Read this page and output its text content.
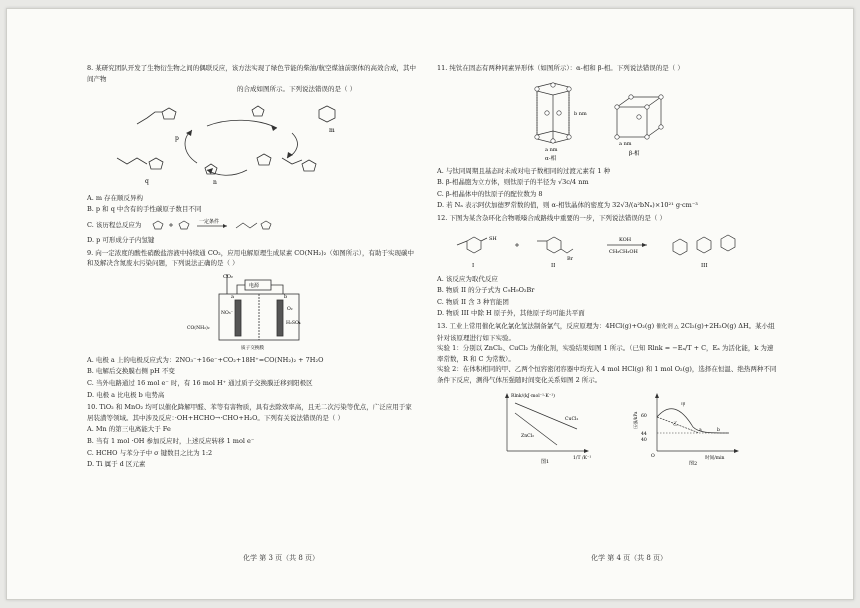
8. 某研究团队开发了生物衍生物之间的偶联反应，该方法实现了绿色节能的柴油/航空煤油前驱体的高效合成，其中间产物
的合成如图所示。下列说法错误的是（ ）
p
q	n
m
A. m 存在顺反异构
B. p 和 q 中含有的手性碳原子数目不同
C. 该历程总反应为	一定条件
D. p 可形成分子内氢键
9. 向一定浓度的酸性硝酸盐溶液中持续通 CO₂，应用电解原理生成尿素 CO(NH₂)₂（如图所示），有助于实现碳中和及解决含氮废水污染问题，下列说法正确的是（ ）
CO₂
电源
a	b
NO₃⁻
O₂
H₂SO₄
CO(NH₂)₂
质子交换膜
A. 电极 a 上的电极反应式为：2NO₃⁻+16e⁻+CO₂+18H⁺=CO(NH₂)₂ + 7H₂O
B. 电解后交换膜右侧 pH 不变
C. 当外电路通过 16 mol e⁻ 时，有 16 mol H⁺ 通过质子交换膜迁移到阳极区
D. 电极 a 比电极 b 电势高
10. TiO₂ 和 MnO₂ 均可以催化降解甲醛、苯等有害物质，具有去除效率高，且无二次污染等优点，广泛应用于家居装潢等领域。其中涉及反应：·OH+HCHO→·CHO+H₂O。下列有关说法错误的是（ ）
A. Mn 的第三电离能大于 Fe
B. 当有 1 mol ·OH 参加反应时，上述反应转移 1 mol e⁻
C. HCHO 与苯分子中 σ 键数目之比为 1:2
D. Ti 属于 d 区元素
11. 纯钛在固态有两种同素异形体（如图所示）：α-相和 β-相。下列说法错误的是（ ）
a nm
b nm
a nm
α-相
β-相
A. 与钛同周期且基态时未成对电子数相同的过渡元素有 1 种
B. β-相晶胞为立方体，则钛原子的半径为 √3c/4 nm
C. β-相晶体中的钛原子的配位数为 8
D. 若 Nₐ 表示阿伏加德罗常数的值，则 α-相钛晶体的密度为 32√3/(a²bNₐ)×10²¹ g·cm⁻³
12. 下图为某含杂环化合物哌嗪合成路线中重要的一步，下列说法错误的是（ ）
SH
Br
KOH
CH₃CH₂OH
I	II	III
A. 该反应为取代反应
B. 物质 II 的分子式为 C₉H₉O₂Br
C. 物质 II 含 3 种官能团
D. 物质 III 中除 H 原子外，其他原子均可能共平面
13. 工业上常用催化氧化氯化氢法制备氯气，反应原理为：4HCl(g)+O₂(g) 催化剂 △ 2Cl₂(g)+2H₂O(g) ΔH。某小组针对该原理进行如下实验。
实验 1：分别以 ZnCl₂、CuCl₂ 为催化剂，实验结果如图 1 所示。（已知 Rlnk = −Eₐ/T + C，Eₐ 为活化能，k 为速率常数，R 和 C 为常数）。
实验 2：在体积相同的甲、乙两个恒容密闭容器中均充入 4 mol HCl(g) 和 1 mol O₂(g)，选择在恒温、绝热两种不同条件下反应，测得气体压强随时间变化关系如图 2 所示。
Rlnk/(kJ·mol⁻¹·K⁻¹)
CuCl₂
ZnCl₂
1/T /K⁻¹
图1
60
44
40
甲
乙
a	b
O	时间/min
图2
压强/kPa
化学 第 3 页（共 8 页）	化学 第 4 页（共 8 页）
